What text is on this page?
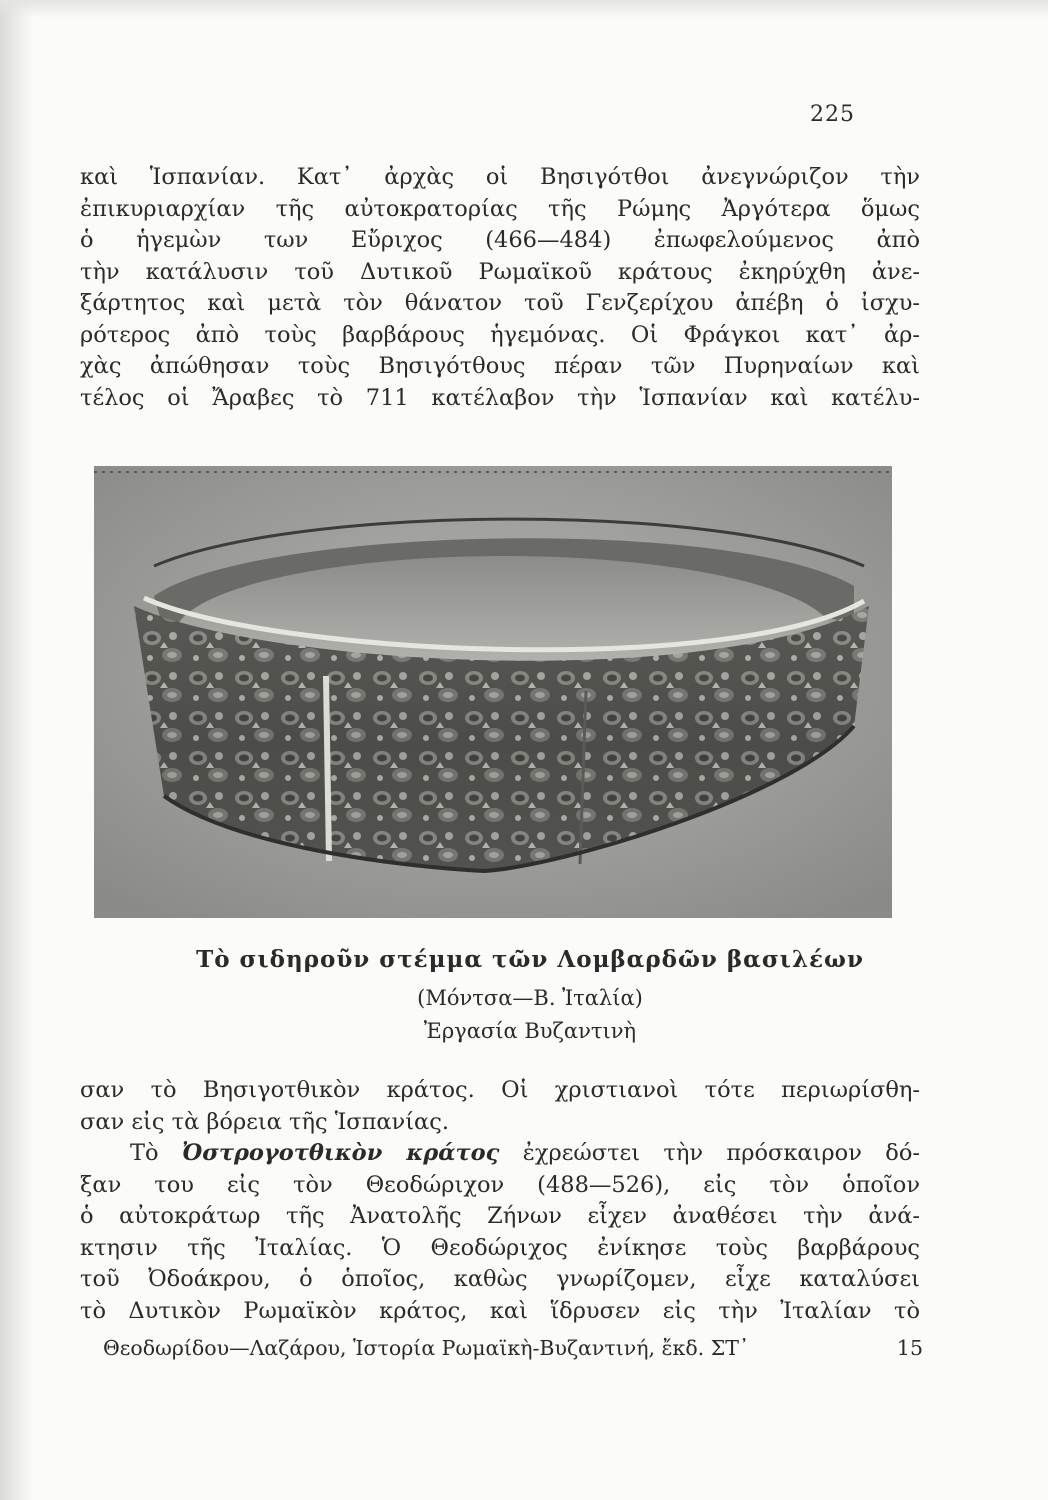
225
καὶ Ἱσπανίαν. Κατ᾽ ἀρχὰς οἱ Βησιγότθοι ἀνεγνώριζον τὴν
ἐπικυριαρχίαν τῆς αὐτοκρατορίας τῆς Ρώμης Ἀργότερα ὅμως
ὁ ἡγεμὼν των Εὔριχος (466—484) ἐπωφελούμενος ἀπὸ
τὴν κατάλυσιν τοῦ Δυτικοῦ Ρωμαϊκοῦ κράτους ἐκηρύχθη ἀνε-
ξάρτητος καὶ μετὰ τὸν θάνατον τοῦ Γενζερίχου ἀπέβη ὁ ἰσχυ-
ρότερος ἀπὸ τοὺς βαρβάρους ἡγεμόνας. Οἱ Φράγκοι κατ᾽ ἀρ-
χὰς ἀπώθησαν τοὺς Βησιγότθους πέραν τῶν Πυρηναίων καὶ
τέλος οἱ Ἄραβες τὸ 711 κατέλαβον τὴν Ἱσπανίαν καὶ κατέλυ-
Τὸ σιδηροῦν στέμμα τῶν Λομβαρδῶν βασιλέων
(Μόντσα—Β. Ἰταλία)
Ἐργασία Βυζαντινὴ
σαν τὸ Βησιγοτθικὸν κράτος. Οἱ χριστιανοὶ τότε περιωρίσθη-
σαν εἰς τὰ βόρεια τῆς Ἱσπανίας.
Τὸ Ὀστρογοτθικὸν κράτος ἐχρεώστει τὴν πρόσκαιρον δό-
ξαν του εἰς τὸν Θεοδώριχον (488—526), εἰς τὸν ὁποῖον
ὁ αὐτοκράτωρ τῆς Ἀνατολῆς Ζήνων εἶχεν ἀναθέσει τὴν ἀνά-
κτησιν τῆς Ἰταλίας. Ὁ Θεοδώριχος ἐνίκησε τοὺς βαρβάρους
τοῦ Ὀδοάκρου, ὁ ὁποῖος, καθὼς γνωρίζομεν, εἶχε καταλύσει
τὸ Δυτικὸν Ρωμαϊκὸν κράτος, καὶ ἵδρυσεν εἰς τὴν Ἰταλίαν τὸ
Θεοδωρίδου—Λαζάρου, Ἱστορία Ρωμαϊκὴ-Βυζαντινή, ἔκδ. ΣΤ᾽	15
